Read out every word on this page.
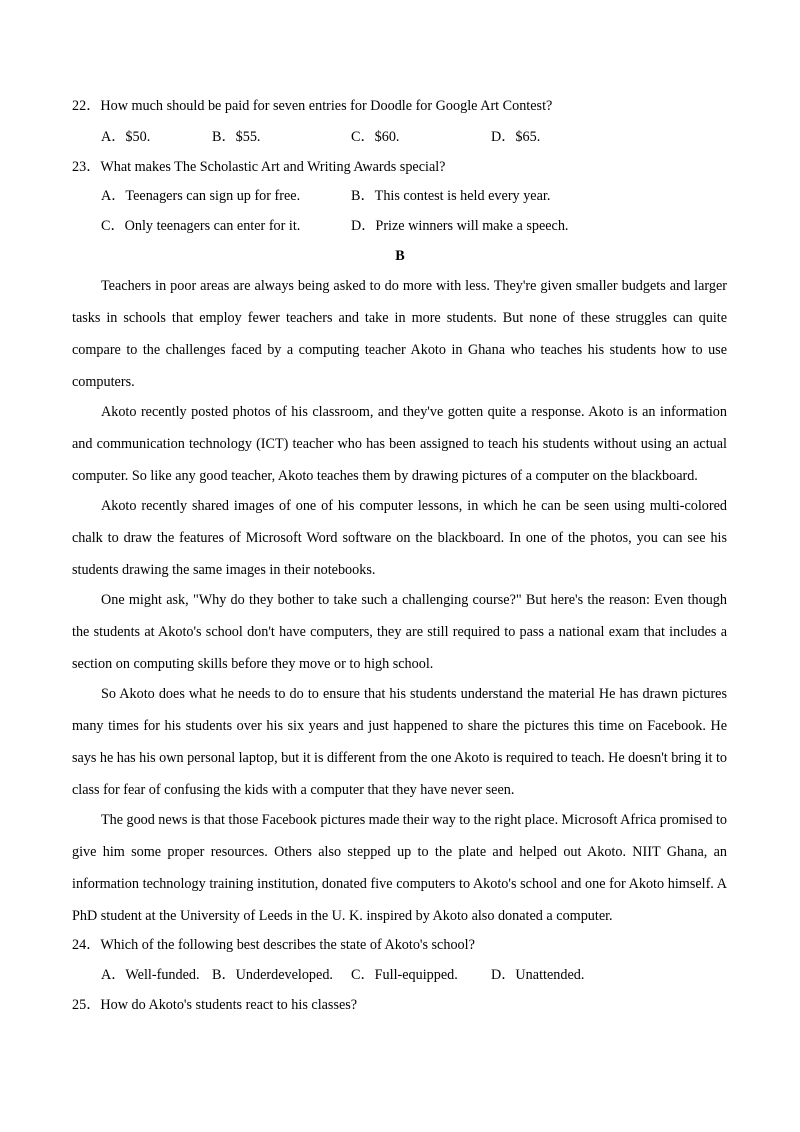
22．How much should be paid for seven entries for Doodle for Google Art Contest?
A．$50.	B．$55.	C．$60.	D．$65.
23．What makes The Scholastic Art and Writing Awards special?
A．Teenagers can sign up for free.	B．This contest is held every year.
C．Only teenagers can enter for it.	D．Prize winners will make a speech.
B
Teachers in poor areas are always being asked to do more with less. They're given smaller budgets and larger
tasks in schools that employ fewer teachers and take in more students. But none of these struggles can quite
compare to the challenges faced by a computing teacher Akoto in Ghana who teaches his students how to use
computers.
Akoto recently posted photos of his classroom, and they've gotten quite a response. Akoto is an information
and communication technology (ICT) teacher who has been assigned to teach his students without using an actual
computer. So like any good teacher, Akoto teaches them by drawing pictures of a computer on the blackboard.
Akoto recently shared images of one of his computer lessons, in which he can be seen using multi-colored
chalk to draw the features of Microsoft Word software on the blackboard. In one of the photos, you can see his
students drawing the same images in their notebooks.
One might ask, "Why do they bother to take such a challenging course?" But here's the reason: Even though
the students at Akoto's school don't have computers, they are still required to pass a national exam that includes a
section on computing skills before they move or to high school.
So Akoto does what he needs to do to ensure that his students understand the material He has drawn pictures
many times for his students over his six years and just happened to share the pictures this time on Facebook. He
says he has his own personal laptop, but it is different from the one Akoto is required to teach. He doesn't bring it to
class for fear of confusing the kids with a computer that they have never seen.
The good news is that those Facebook pictures made their way to the right place. Microsoft Africa promised to
give him some proper resources. Others also stepped up to the plate and helped out Akoto. NIIT Ghana, an
information technology training institution, donated five computers to Akoto's school and one for Akoto himself. A
PhD student at the University of Leeds in the U. K. inspired by Akoto also donated a computer.
24．Which of the following best describes the state of Akoto's school?
A．Well-funded. B．Underdeveloped. C．Full-equipped. D．Unattended.
25．How do Akoto's students react to his classes?
